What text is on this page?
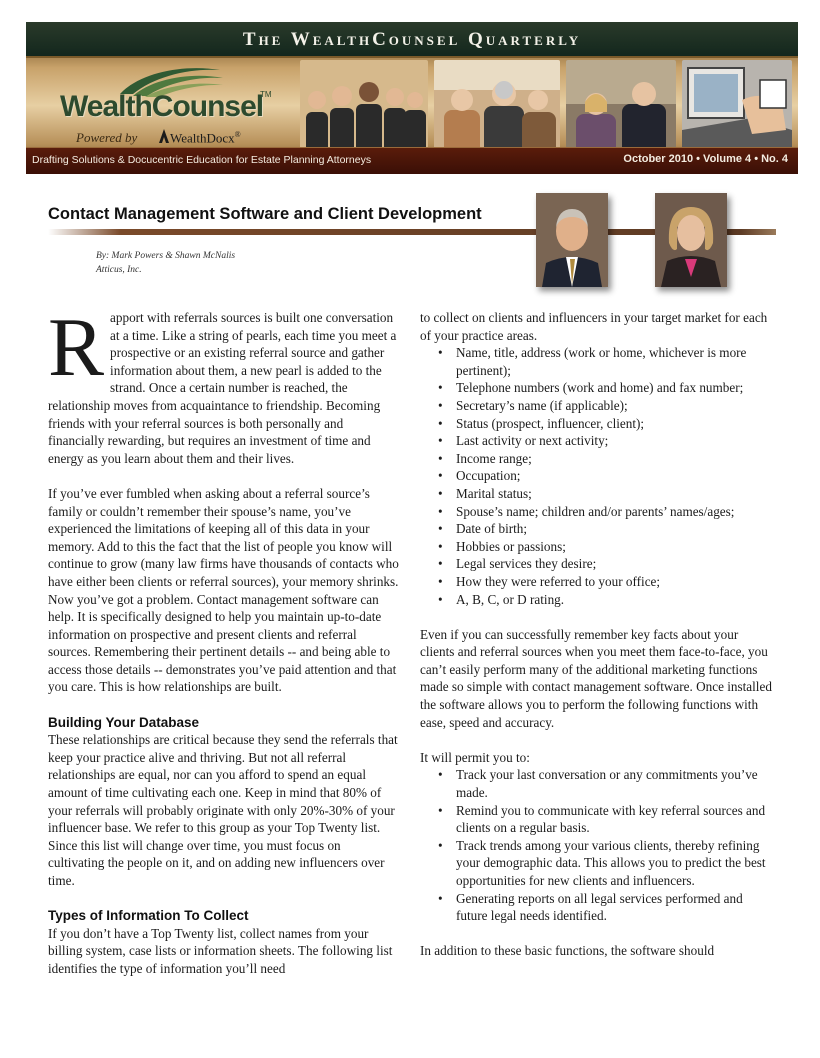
The WealthCounsel Quarterly
WealthCounsel
TM
Powered by	WealthDocx®
Drafting Solutions & Docucentric Education for Estate Planning Attorneys	October 2010 • Volume 4 • No. 4
Contact Management Software and Client Development
By: Mark Powers & Shawn McNalis
Atticus, Inc.

Rapport with referrals sources is built one conversation at a time. Like a string of pearls, each time you meet a prospective or an existing referral source and gather information about them, a new pearl is added to the strand. Once a certain number is reached, the relationship moves from acquaintance to friendship. Becoming friends with your referral sources is both personally and financially rewarding, but requires an investment of time and energy as you learn about them and their lives.

If you’ve ever fumbled when asking about a referral source’s family or couldn’t remember their spouse’s name, you’ve experienced the limitations of keeping all of this data in your memory. Add to this the fact that the list of people you know will continue to grow (many law firms have thousands of contacts who have either been clients or referral sources), your memory shrinks. Now you’ve got a problem. Contact management software can help. It is specifically designed to help you maintain up-to-date information on prospective and present clients and referral sources. Remembering their pertinent details -- and being able to access those details -- demonstrates you’ve paid attention and that you care. This is how relationships are built.

Building Your Database

These relationships are critical because they send the referrals that keep your practice alive and thriving. But not all referral relationships are equal, nor can you afford to spend an equal amount of time cultivating each one. Keep in mind that 80% of your referrals will probably originate with only 20%-30% of your influencer base. We refer to this group as your Top Twenty list. Since this list will change over time, you must focus on cultivating the people on it, and on adding new influencers over time.

Types of Information To Collect

If you don’t have a Top Twenty list, collect names from your billing system, case lists or information sheets. The following list identifies the type of information you’ll need

to collect on clients and influencers in your target market for each of your practice areas.

• Name, title, address (work or home, whichever is more pertinent);
• Telephone numbers (work and home) and fax number;
• Secretary’s name (if applicable);
• Status (prospect, influencer, client);
• Last activity or next activity;
• Income range;
• Occupation;
• Marital status;
• Spouse’s name; children and/or parents’ names/ages;
• Date of birth;
• Hobbies or passions;
• Legal services they desire;
• How they were referred to your office;
• A, B, C, or D rating.

Even if you can successfully remember key facts about your clients and referral sources when you meet them face-to-face, you can’t easily perform many of the additional marketing functions made so simple with contact management software. Once installed the software allows you to perform the following functions with ease, speed and accuracy.

It will permit you to:

• Track your last conversation or any commitments you’ve made.
• Remind you to communicate with key referral sources and clients on a regular basis.
• Track trends among your various clients, thereby refining your demographic data. This allows you to predict the best opportunities for new clients and influencers.
• Generating reports on all legal services performed and future legal needs identified.

In addition to these basic functions, the software should
